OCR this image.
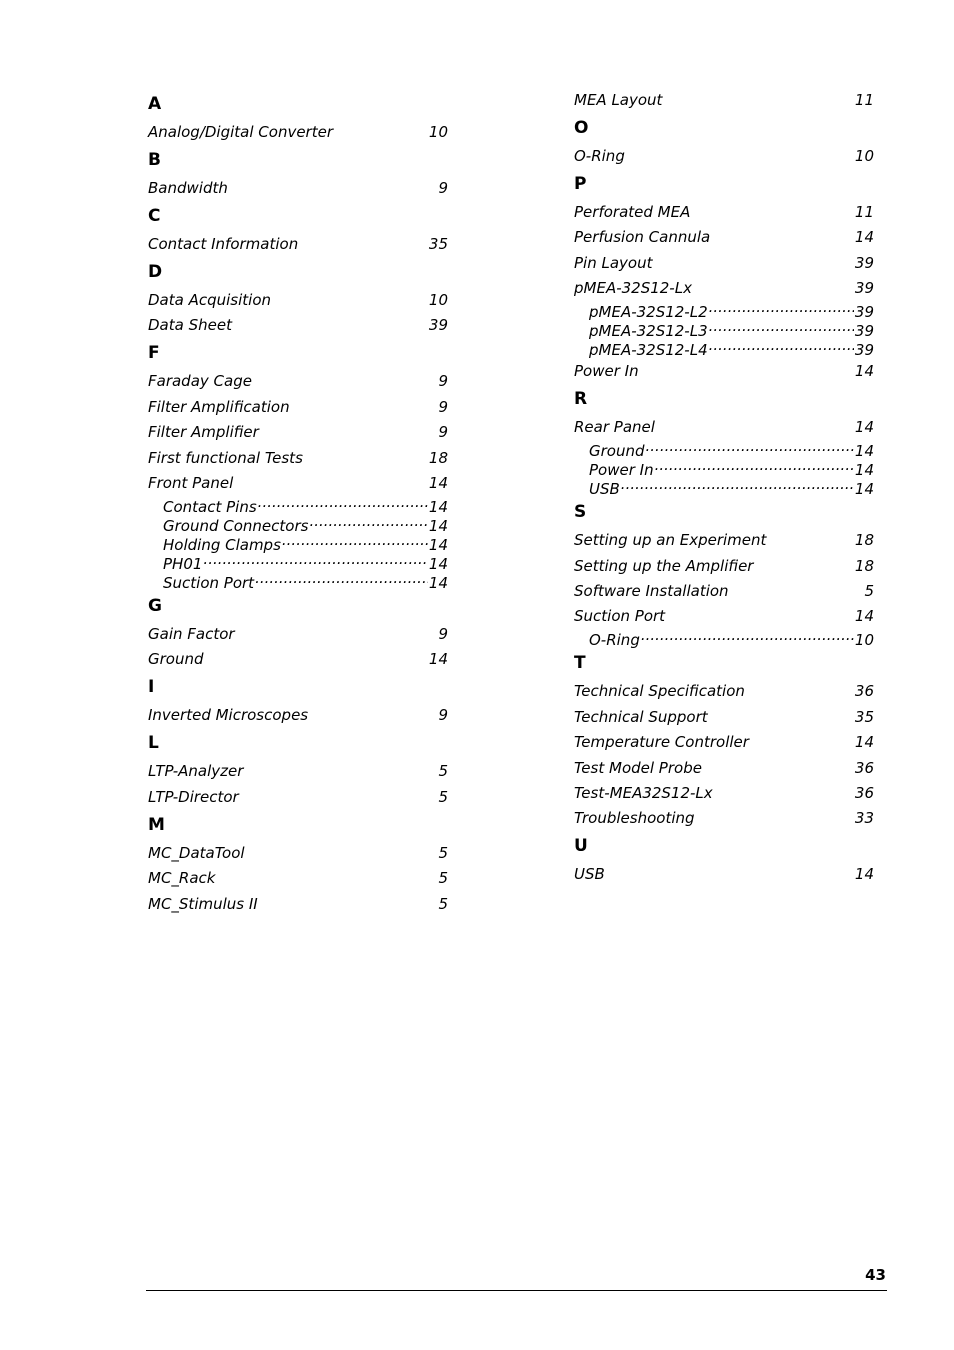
A
Analog/Digital Converter	10
B
Bandwidth	9
C
Contact Information	35
D
Data Acquisition	10
Data Sheet	39
F
Faraday Cage	9
Filter Amplification	9
Filter Amplifier	9
First functional Tests	18
Front Panel	14
Contact Pins .....	14
Ground Connectors .....	14
Holding Clamps .....	14
PH01 .....	14
Suction Port .....	14
G
Gain Factor	9
Ground	14
I
Inverted Microscopes	9
L
LTP-Analyzer	5
LTP-Director	5
M
MC_DataTool	5
MC_Rack	5
MC_Stimulus II	5
MEA Layout	11
O
O-Ring	10
P
Perforated MEA	11
Perfusion Cannula	14
Pin Layout	39
pMEA-32S12-Lx	39
pMEA-32S12-L2 .....	39
pMEA-32S12-L3 .....	39
pMEA-32S12-L4 .....	39
Power In	14
R
Rear Panel	14
Ground .....	14
Power In .....	14
USB .....	14
S
Setting up an Experiment	18
Setting up the Amplifier	18
Software Installation	5
Suction Port	14
O-Ring .....	10
T
Technical Specification	36
Technical Support	35
Temperature Controller	14
Test Model Probe	36
Test-MEA32S12-Lx	36
Troubleshooting	33
U
USB	14
43
